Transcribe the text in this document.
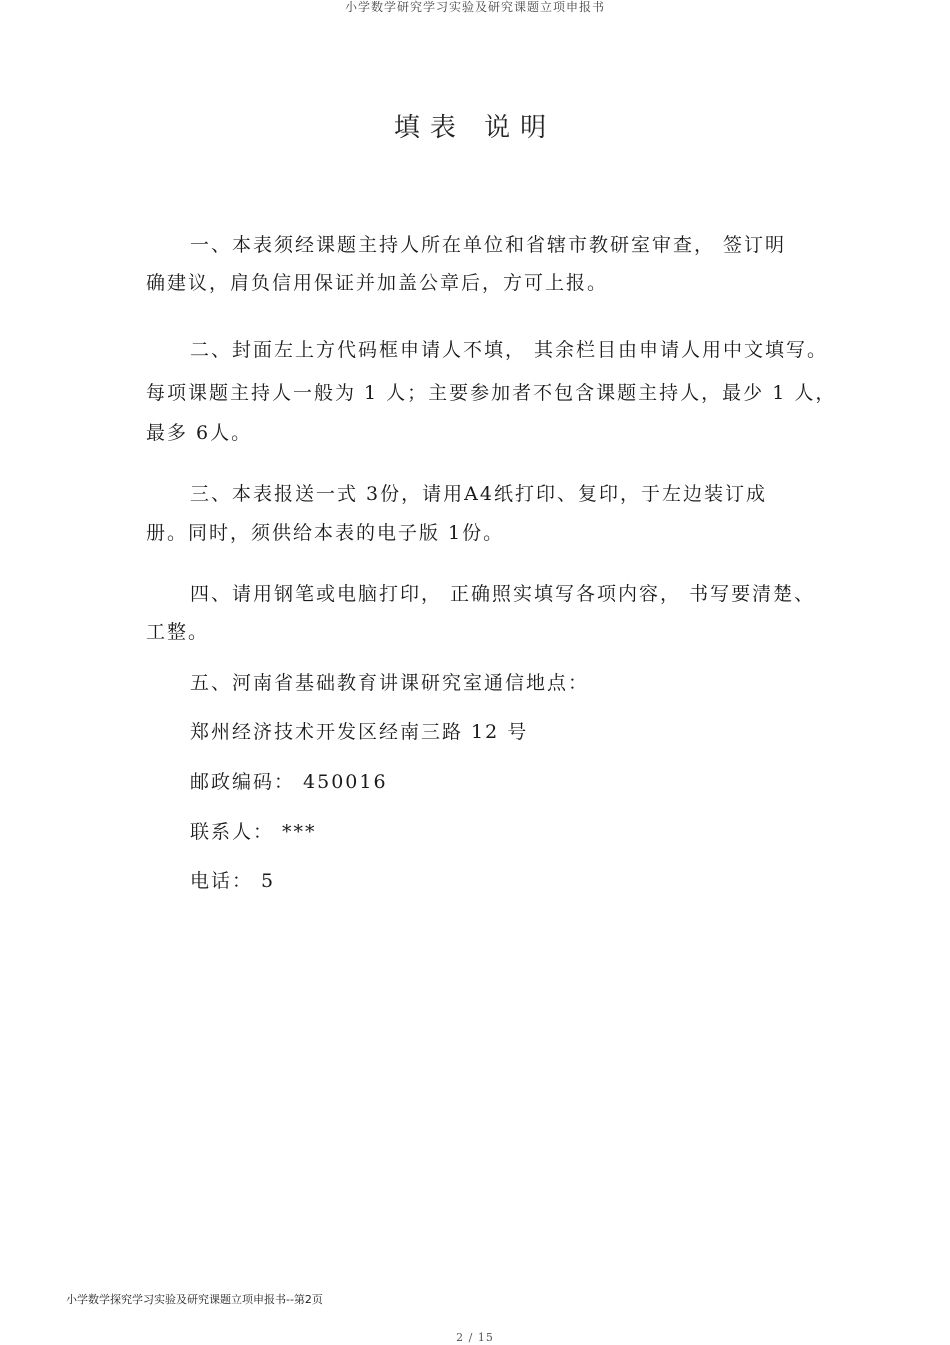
小学数学研究学习实验及研究课题立项申报书
填表 说明
一、本表须经课题主持人所在单位和省辖市教研室审查， 签订明
确建议，肩负信用保证并加盖公章后，方可上报。
二、封面左上方代码框申请人不填， 其余栏目由申请人用中文填写。
每项课题主持人一般为 1 人；主要参加者不包含课题主持人，最少 1 人，
最多 6人。
三、本表报送一式 3份，请用A4纸打印、复印，于左边装订成
册。同时，须供给本表的电子版 1份。
四、请用钢笔或电脑打印， 正确照实填写各项内容， 书写要清楚、
工整。
五、河南省基础教育讲课研究室通信地点：
郑州经济技术开发区经南三路 12 号
邮政编码： 450016
联系人： ***
电话： 5
小学数学探究学习实验及研究课题立项申报书--第2页
2 / 15
